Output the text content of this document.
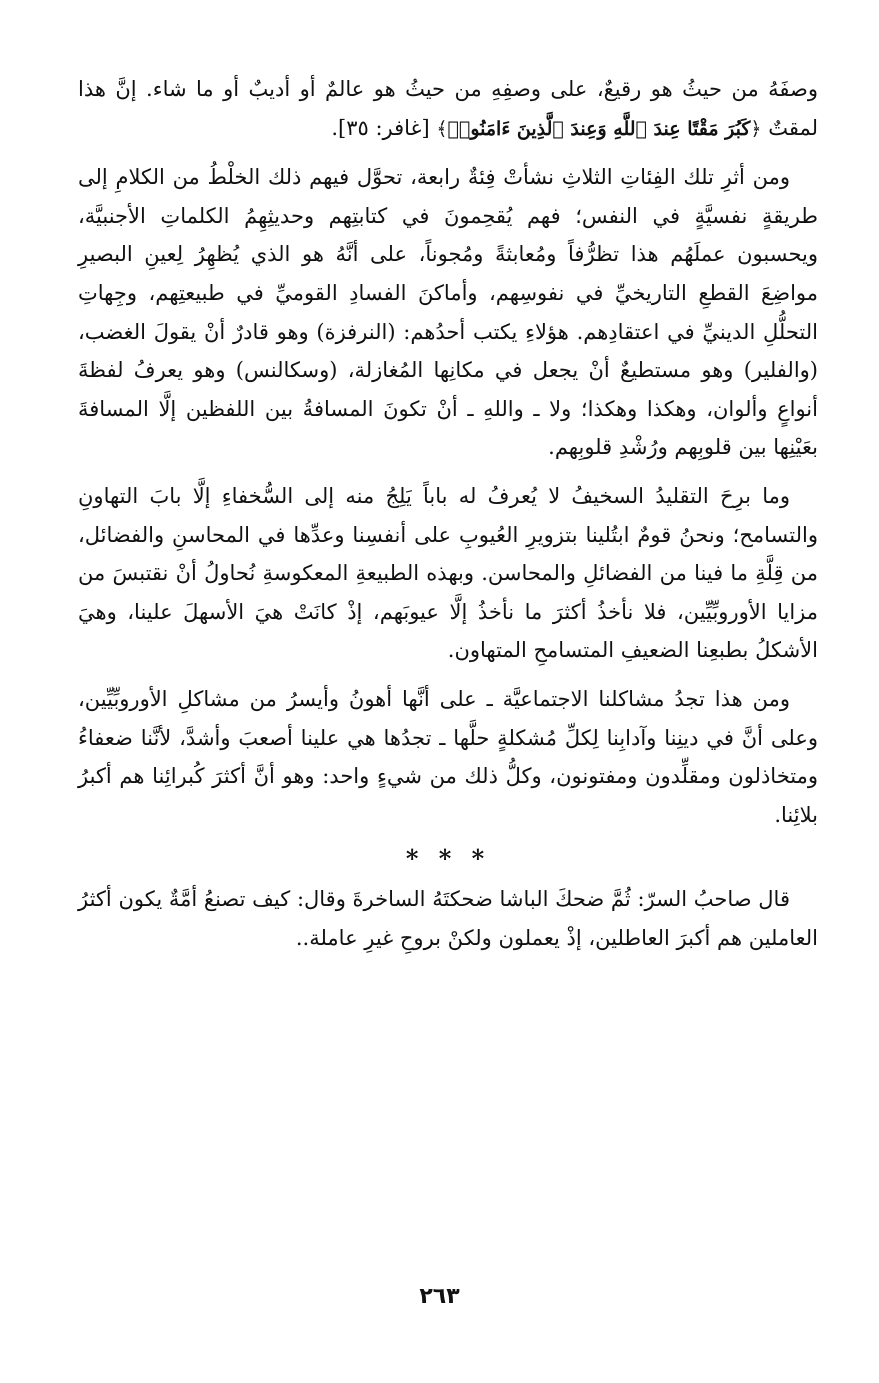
وصفَهُ من حيثُ هو رقيعٌ، على وصفِهِ من حيثُ هو عالمٌ أو أديبٌ أو ما شاء. إنَّ هذا لمقتٌ ﴿كَبُرَ مَقْتًا عِندَ ٱللَّهِ وَعِندَ ٱلَّذِينَ ءَامَنُوا۟﴾ [غافر: ٣٥].

ومن أثرِ تلك الفِئاتِ الثلاثِ نشأتْ فِئةٌ رابعة، تحوَّل فيهم ذلك الخلْطُ من الكلامِ إلى طريقةٍ نفسيَّةٍ في النفس؛ فهم يُقحِمونَ في كتابتِهم وحديثِهِمُ الكلماتِ الأجنبيَّة، ويحسبون عملَهُم هذا تظرُّفاً ومُعابثةً ومُجوناً، على أنَّهُ هو الذي يُظهِرُ لِعينِ البصيرِ مواضِعَ القطعِ التاريخيِّ في نفوسِهم، وأماكنَ الفسادِ القوميِّ في طبيعتِهم، وجِهاتِ التحلُّلِ الدينيِّ في اعتقادِهم. هؤلاءِ يكتب أحدُهم: (النرفزة) وهو قادرٌ أنْ يقولَ الغضب، (والفلير) وهو مستطيعٌ أنْ يجعل في مكانِها المُغازلة، (وسكالنس) وهو يعرفُ لفظةَ أنواعٍ وألوان، وهكذا وهكذا؛ ولا ـ واللهِ ـ أنْ تكونَ المسافةُ بين اللفظين إلَّا المسافةَ بعَيْنِها بين قلوبِهم ورُشْدِ قلوبِهم.

وما برِحَ التقليدُ السخيفُ لا يُعرفُ له باباً يَلِجُ منه إلى السُّخفاءِ إلَّا بابَ التهاونِ والتسامح؛ ونحنُ قومٌ ابتُلينا بتزويرِ العُيوبِ على أنفسِنا وعدِّها في المحاسنِ والفضائل، من قِلَّةِ ما فينا من الفضائلِ والمحاسن. وبهذه الطبيعةِ المعكوسةِ نُحاولُ أنْ نقتبسَ من مزايا الأوروبِّيِّين، فلا نأخذُ أكثرَ ما نأخذُ إلَّا عيوبَهم، إذْ كانَتْ هيَ الأسهلَ علينا، وهيَ الأشكلُ بطبعِنا الضعيفِ المتسامحِ المتهاون.

ومن هذا تجدُ مشاكلنا الاجتماعيَّة ـ على أنَّها أهونُ وأيسرُ من مشاكلِ الأوروبِّيِّين، وعلى أنَّ في دينِنا وآدابِنا لِكلِّ مُشكلةٍ حلَّها ـ تجدُها هي علينا أصعبَ وأشدَّ، لأنَّنا ضعفاءُ ومتخاذلون ومقلِّدون ومفتونون، وكلُّ ذلك من شيءٍ واحد: وهو أنَّ أكثرَ كُبرائِنا هم أكبرُ بلائِنا.

* * *

قال صاحبُ السرّ: ثُمَّ ضحكَ الباشا ضحكتَهُ الساخرةَ وقال: كيف تصنعُ أمَّةٌ يكون أكثرُ العاملين هم أكبرَ العاطلين، إذْ يعملون ولكنْ بروحِ غيرِ عاملة..

٢٦٣
